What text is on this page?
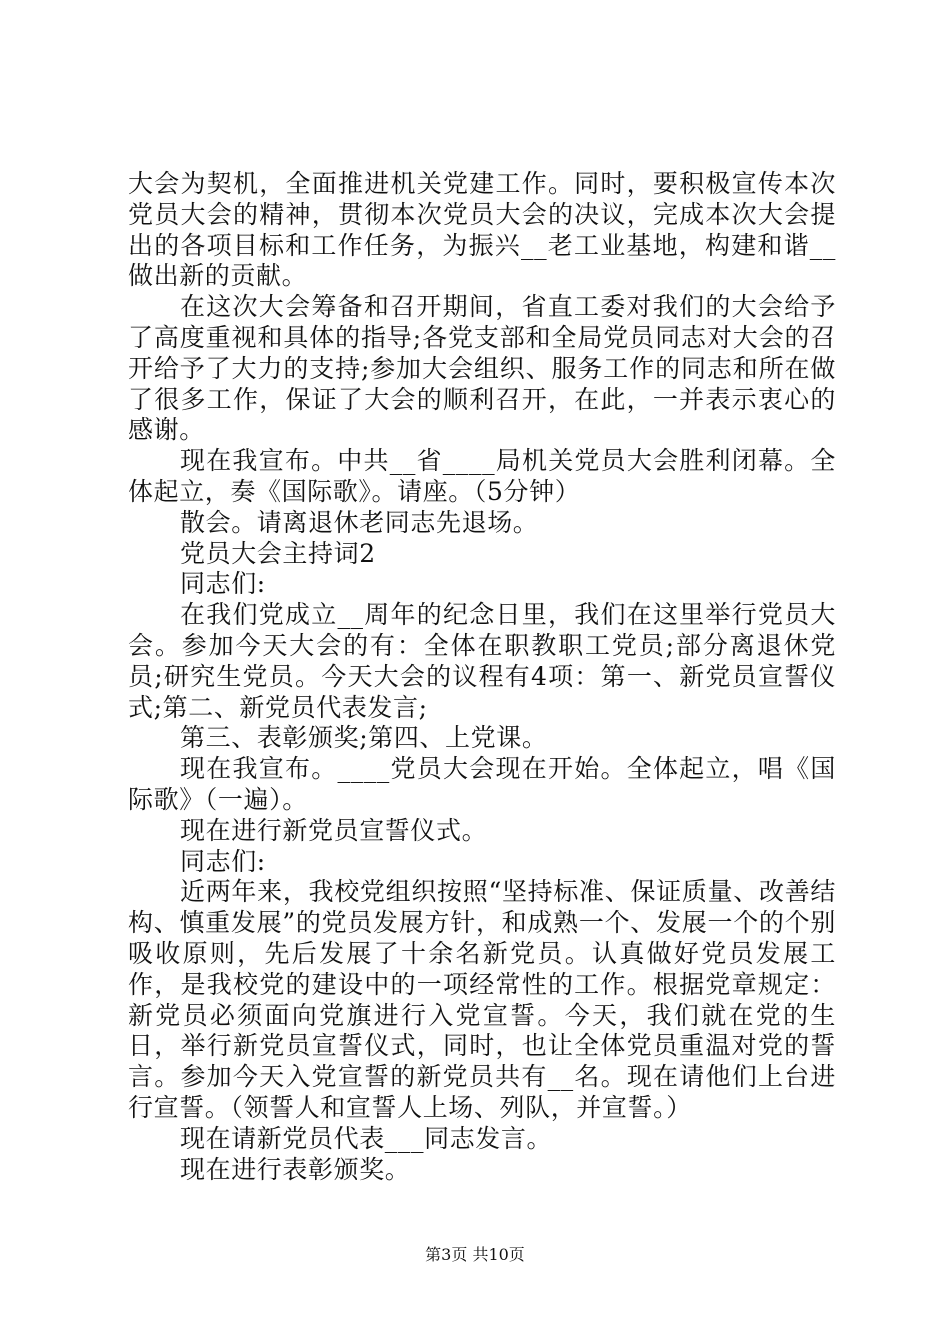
大会为契机，全面推进机关党建工作。同时，要积极宣传本次党员大会的精神，贯彻本次党员大会的决议，完成本次大会提出的各项目标和工作任务，为振兴__老工业基地，构建和谐__做出新的贡献。

在这次大会筹备和召开期间，省直工委对我们的大会给予了高度重视和具体的指导;各党支部和全局党员同志对大会的召开给予了大力的支持;参加大会组织、服务工作的同志和所在做了很多工作，保证了大会的顺利召开，在此，一并表示衷心的感谢。

现在我宣布。中共__省____局机关党员大会胜利闭幕。全体起立，奏《国际歌》。请座。（5分钟）

散会。请离退休老同志先退场。

党员大会主持词2

同志们:

在我们党成立__周年的纪念日里，我们在这里举行党员大会。参加今天大会的有：全体在职教职工党员;部分离退休党员;研究生党员。今天大会的议程有4项：第一、新党员宣誓仪式;第二、新党员代表发言;

第三、表彰颁奖;第四、上党课。

现在我宣布。____党员大会现在开始。全体起立，唱《国际歌》（一遍）。

现在进行新党员宣誓仪式。

同志们:

近两年来，我校党组织按照“坚持标准、保证质量、改善结构、慎重发展”的党员发展方针，和成熟一个、发展一个的个别吸收原则，先后发展了十余名新党员。认真做好党员发展工作，是我校党的建设中的一项经常性的工作。根据党章规定：新党员必须面向党旗进行入党宣誓。今天，我们就在党的生日，举行新党员宣誓仪式，同时，也让全体党员重温对党的誓言。参加今天入党宣誓的新党员共有__名。现在请他们上台进行宣誓。（领誓人和宣誓人上场、列队，并宣誓。）

现在请新党员代表___同志发言。

现在进行表彰颁奖。

第3页 共10页
